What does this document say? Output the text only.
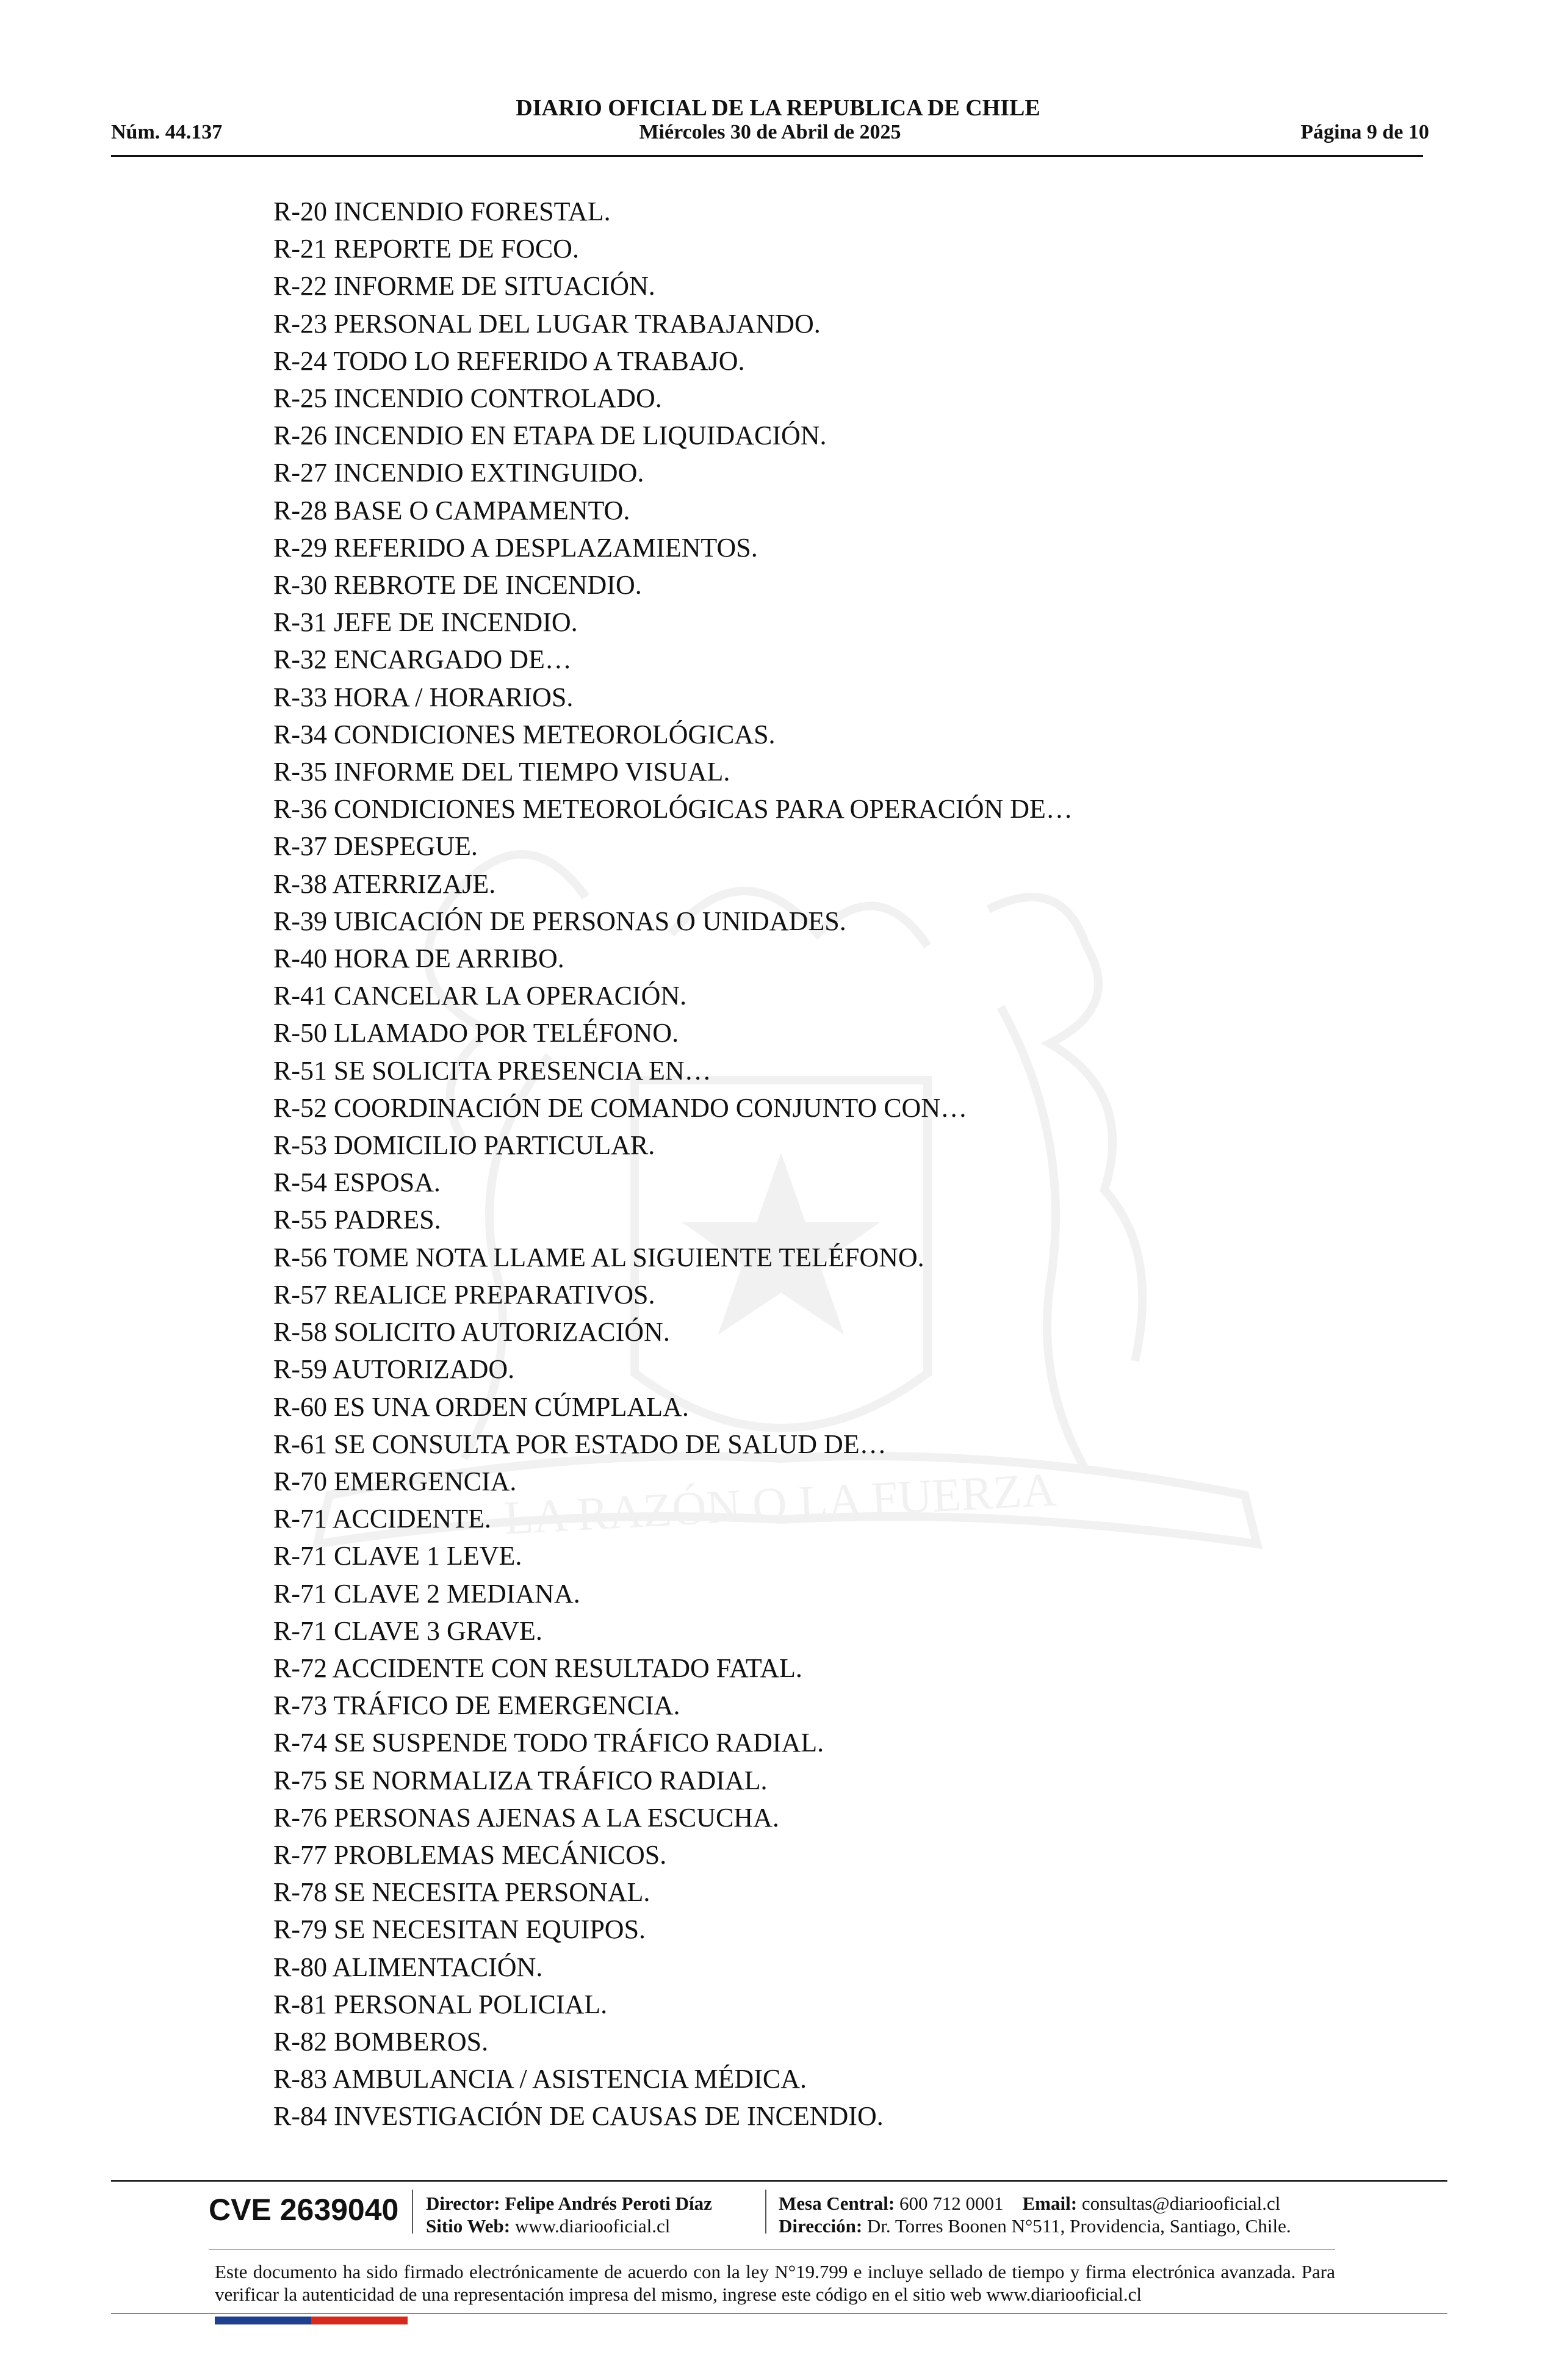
LA RAZÓN O LA FUERZA
DIARIO OFICIAL DE LA REPUBLICA DE CHILE
Núm. 44.137	Miércoles 30 de Abril de 2025	Página 9 de 10
R-20 INCENDIO FORESTAL.
R-21 REPORTE DE FOCO.
R-22 INFORME DE SITUACIÓN.
R-23 PERSONAL DEL LUGAR TRABAJANDO.
R-24 TODO LO REFERIDO A TRABAJO.
R-25 INCENDIO CONTROLADO.
R-26 INCENDIO EN ETAPA DE LIQUIDACIÓN.
R-27 INCENDIO EXTINGUIDO.
R-28 BASE O CAMPAMENTO.
R-29 REFERIDO A DESPLAZAMIENTOS.
R-30 REBROTE DE INCENDIO.
R-31 JEFE DE INCENDIO.
R-32 ENCARGADO DE…
R-33 HORA / HORARIOS.
R-34 CONDICIONES METEOROLÓGICAS.
R-35 INFORME DEL TIEMPO VISUAL.
R-36 CONDICIONES METEOROLÓGICAS PARA OPERACIÓN DE…
R-37 DESPEGUE.
R-38 ATERRIZAJE.
R-39 UBICACIÓN DE PERSONAS O UNIDADES.
R-40 HORA DE ARRIBO.
R-41 CANCELAR LA OPERACIÓN.
R-50 LLAMADO POR TELÉFONO.
R-51 SE SOLICITA PRESENCIA EN…
R-52 COORDINACIÓN DE COMANDO CONJUNTO CON…
R-53 DOMICILIO PARTICULAR.
R-54 ESPOSA.
R-55 PADRES.
R-56 TOME NOTA LLAME AL SIGUIENTE TELÉFONO.
R-57 REALICE PREPARATIVOS.
R-58 SOLICITO AUTORIZACIÓN.
R-59 AUTORIZADO.
R-60 ES UNA ORDEN CÚMPLALA.
R-61 SE CONSULTA POR ESTADO DE SALUD DE…
R-70 EMERGENCIA.
R-71 ACCIDENTE.
R-71 CLAVE 1 LEVE.
R-71 CLAVE 2 MEDIANA.
R-71 CLAVE 3 GRAVE.
R-72 ACCIDENTE CON RESULTADO FATAL.
R-73 TRÁFICO DE EMERGENCIA.
R-74 SE SUSPENDE TODO TRÁFICO RADIAL.
R-75 SE NORMALIZA TRÁFICO RADIAL.
R-76 PERSONAS AJENAS A LA ESCUCHA.
R-77 PROBLEMAS MECÁNICOS.
R-78 SE NECESITA PERSONAL.
R-79 SE NECESITAN EQUIPOS.
R-80 ALIMENTACIÓN.
R-81 PERSONAL POLICIAL.
R-82 BOMBEROS.
R-83 AMBULANCIA / ASISTENCIA MÉDICA.
R-84 INVESTIGACIÓN DE CAUSAS DE INCENDIO.
CVE 2639040 Director: Felipe Andrés Peroti Díaz
Sitio Web: www.diariooficial.cl
Mesa Central: 600 712 0001 Email: consultas@diariooficial.cl
Dirección: Dr. Torres Boonen N°511, Providencia, Santiago, Chile.
Este documento ha sido firmado electrónicamente de acuerdo con la ley N°19.799 e incluye sellado de tiempo y firma electrónica avanzada. Para verificar la autenticidad de una representación impresa del mismo, ingrese este código en el sitio web www.diariooficial.cl
